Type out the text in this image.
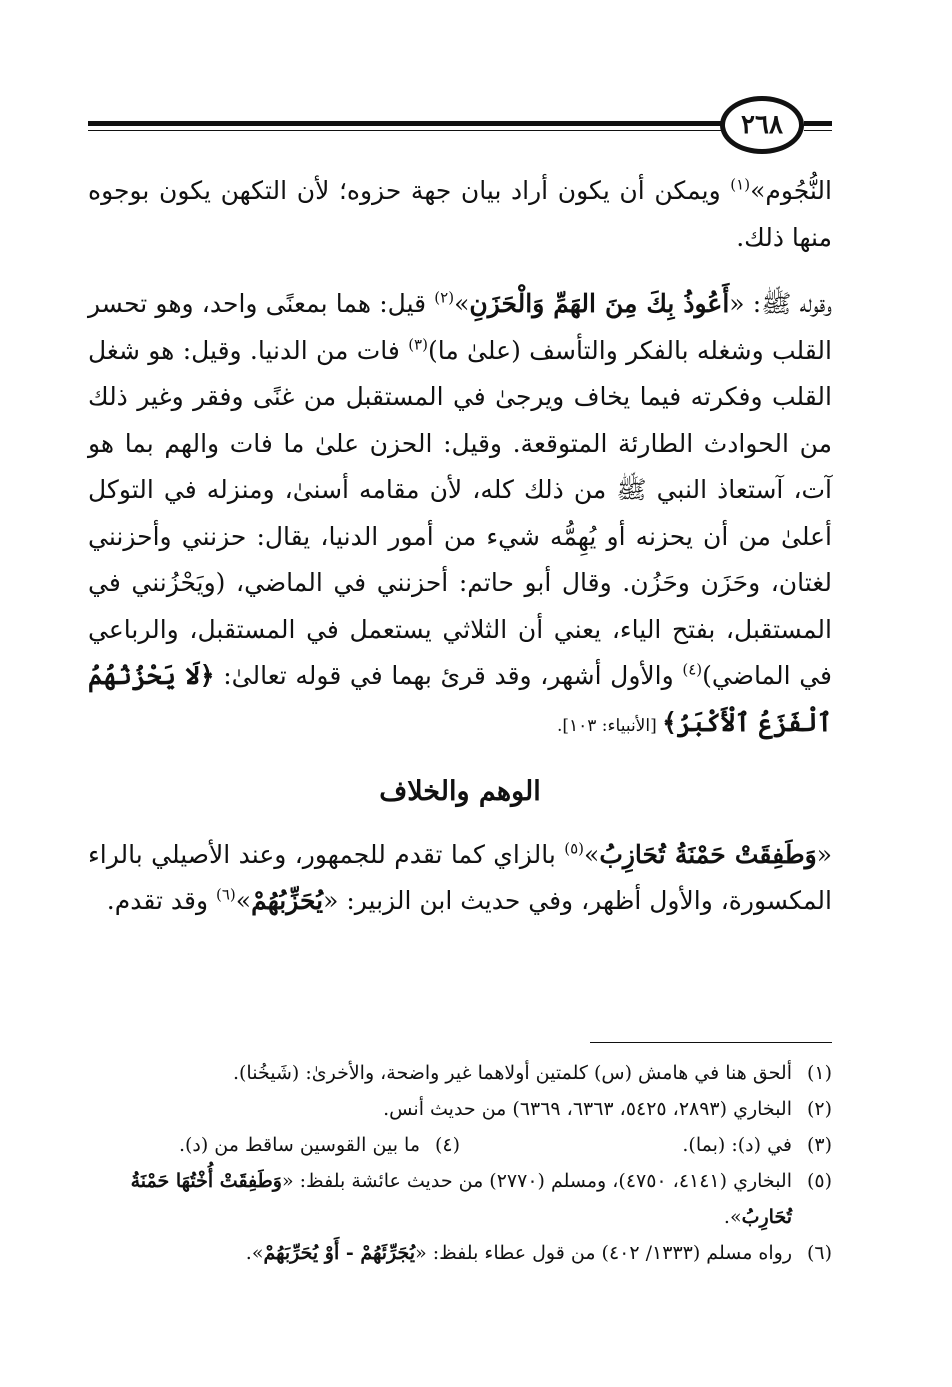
٢٦٨

النُّجُوم»$^{(١)}$ ويمكن أن يكون أراد بيان جهة حزوه؛ لأن التكهن يكون بوجوه منها ذلك.

وقوله ﷺ: «أَعُوذُ بِكَ مِنَ الهَمِّ وَالْحَزَنِ»$^{(٢)}$ قيل: هما بمعنًى واحد، وهو تحسر القلب وشغله بالفكر والتأسف (علىٰ ما)$^{(٣)}$ فات من الدنيا. وقيل: هو شغل القلب وفكرته فيما يخاف ويرجىٰ في المستقبل من غنًى وفقر وغير ذلك من الحوادث الطارئة المتوقعة. وقيل: الحزن علىٰ ما فات والهم بما هو آت، آستعاذ النبي ﷺ من ذلك كله، لأن مقامه أسنىٰ، ومنزله في التوكل أعلىٰ من أن يحزنه أو يُهِمُّه شيء من أمور الدنيا، يقال: حزنني وأحزنني لغتان، وحَزَن وحَزُن. وقال أبو حاتم: أحزنني في الماضي، (ويَحْزُنني في المستقبل، بفتح الياء، يعني أن الثلاثي يستعمل في المستقبل، والرباعي في الماضي)$^{(٤)}$ والأول أشهر، وقد قرئ بهما في قوله تعالىٰ: ﴿لَا يَحْزُنُهُمُ ٱلْفَزَعُ ٱلْأَكْبَرُ﴾ [الأنبياء: ١٠٣].

الوهم والخلاف

«وَطَفِقَتْ حَمْنَةُ تُحَازِبُ»$^{(٥)}$ بالزاي كما تقدم للجمهور، وعند الأصيلي بالراء المكسورة، والأول أظهر، وفي حديث ابن الزبير: «يُحَزِّبُهُمْ»$^{(٦)}$ وقد تقدم.

(١)
ألحق هنا في هامش (س) كلمتين أولاهما غير واضحة، والأخرىٰ: (شَيخُنا).
(٢)
البخاري (٢٨٩٣، ٥٤٢٥، ٦٣٦٣، ٦٣٦٩) من حديث أنس.
(٣)
في (د): (بما).
(٤)
ما بين القوسين ساقط من (د).
(٥)
البخاري (٤١٤١، ٤٧٥٠)، ومسلم (٢٧٧٠) من حديث عائشة بلفظ: «وَطَفِقَتْ أُخْتُهَا حَمْنَةُ تُحَارِبُ».
(٦)
رواه مسلم (١٣٣٣/ ٤٠٢) من قول عطاء بلفظ: «يُجَرِّئَهُمْ - أَوْ يُحَرِّبَهُمْ».
